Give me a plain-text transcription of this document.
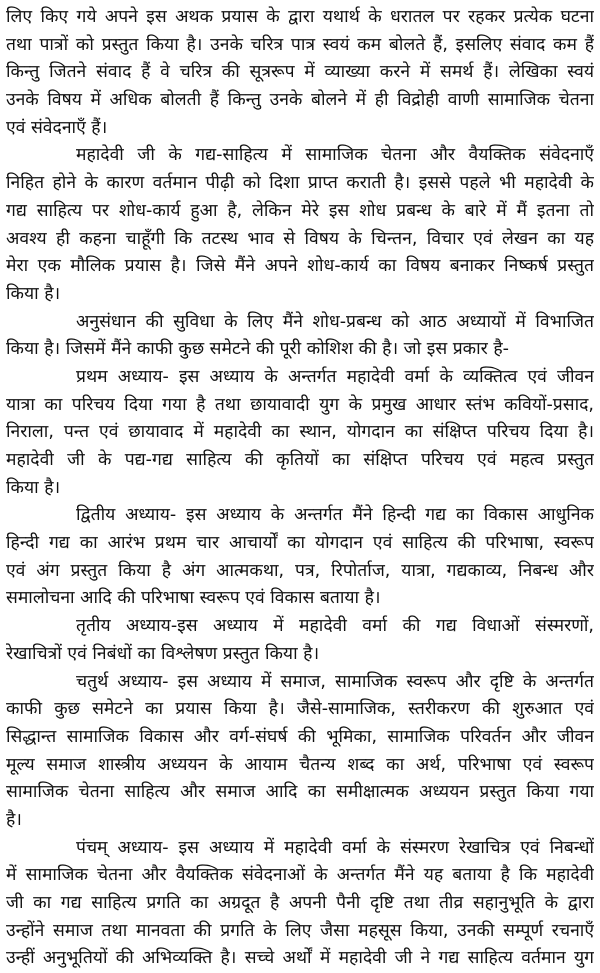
लिए किए गये अपने इस अथक प्रयास के द्वारा यथार्थ के धरातल पर रहकर प्रत्येक घटना
तथा पात्रों को प्रस्तुत किया है। उनके चरित्र पात्र स्वयं कम बोलते हैं, इसलिए संवाद कम हैं
किन्तु जितने संवाद हैं वे चरित्र की सूत्ररूप में व्याख्या करने में समर्थ हैं। लेखिका स्वयं
उनके विषय में अधिक बोलती हैं किन्तु उनके बोलने में ही विद्रोही वाणी सामाजिक चेतना
एवं संवेदनाएँ हैं।
महादेवी जी के गद्य-साहित्य में सामाजिक चेतना और वैयक्तिक संवेदनाएँ
निहित होने के कारण वर्तमान पीढ़ी को दिशा प्राप्त कराती है। इससे पहले भी महादेवी के
गद्य साहित्य पर शोध-कार्य हुआ है, लेकिन मेरे इस शोध प्रबन्ध के बारे में मैं इतना तो
अवश्य ही कहना चाहूँगी कि तटस्थ भाव से विषय के चिन्तन, विचार एवं लेखन का यह
मेरा एक मौलिक प्रयास है। जिसे मैंने अपने शोध-कार्य का विषय बनाकर निष्कर्ष प्रस्तुत
किया है।
अनुसंधान की सुविधा के लिए मैंने शोध-प्रबन्ध को आठ अध्यायों में विभाजित
किया है। जिसमें मैंने काफी कुछ समेटने की पूरी कोशिश की है। जो इस प्रकार है-
प्रथम अध्याय- इस अध्याय के अन्तर्गत महादेवी वर्मा के व्यक्तित्व एवं जीवन
यात्रा का परिचय दिया गया है तथा छायावादी युग के प्रमुख आधार स्तंभ कवियों-प्रसाद,
निराला, पन्त एवं छायावाद में महादेवी का स्थान, योगदान का संक्षिप्त परिचय दिया है।
महादेवी जी के पद्य-गद्य साहित्य की कृतियों का संक्षिप्त परिचय एवं महत्व प्रस्तुत
किया है।
द्वितीय अध्याय- इस अध्याय के अन्तर्गत मैंने हिन्दी गद्य का विकास आधुनिक
हिन्दी गद्य का आरंभ प्रथम चार आचार्यों का योगदान एवं साहित्य की परिभाषा, स्वरूप
एवं अंग प्रस्तुत किया है अंग आत्मकथा, पत्र, रिपोर्ताज, यात्रा, गद्यकाव्य, निबन्ध और
समालोचना आदि की परिभाषा स्वरूप एवं विकास बताया है।
तृतीय अध्याय-इस अध्याय में महादेवी वर्मा की गद्य विधाओं संस्मरणों,
रेखाचित्रों एवं निबंधों का विश्लेषण प्रस्तुत किया है।
चतुर्थ अध्याय- इस अध्याय में समाज, सामाजिक स्वरूप और दृष्टि के अन्तर्गत
काफी कुछ समेटने का प्रयास किया है। जैसे-सामाजिक, स्तरीकरण की शुरुआत एवं
सिद्धान्त सामाजिक विकास और वर्ग-संघर्ष की भूमिका, सामाजिक परिवर्तन और जीवन
मूल्य समाज शास्त्रीय अध्ययन के आयाम चैतन्य शब्द का अर्थ, परिभाषा एवं स्वरूप
सामाजिक चेतना साहित्य और समाज आदि का समीक्षात्मक अध्ययन प्रस्तुत किया गया
है।
पंचम् अध्याय- इस अध्याय में महादेवी वर्मा के संस्मरण रेखाचित्र एवं निबन्धों
में सामाजिक चेतना और वैयक्तिक संवेदनाओं के अन्तर्गत मैंने यह बताया है कि महादेवी
जी का गद्य साहित्य प्रगति का अग्रदूत है अपनी पैनी दृष्टि तथा तीव्र सहानुभूति के द्वारा
उन्होंने समाज तथा मानवता की प्रगति के लिए जैसा महसूस किया, उनकी सम्पूर्ण रचनाएँ
उन्हीं अनुभूतियों की अभिव्यक्ति है। सच्चे अर्थों में महादेवी जी ने गद्य साहित्य वर्तमान युग
